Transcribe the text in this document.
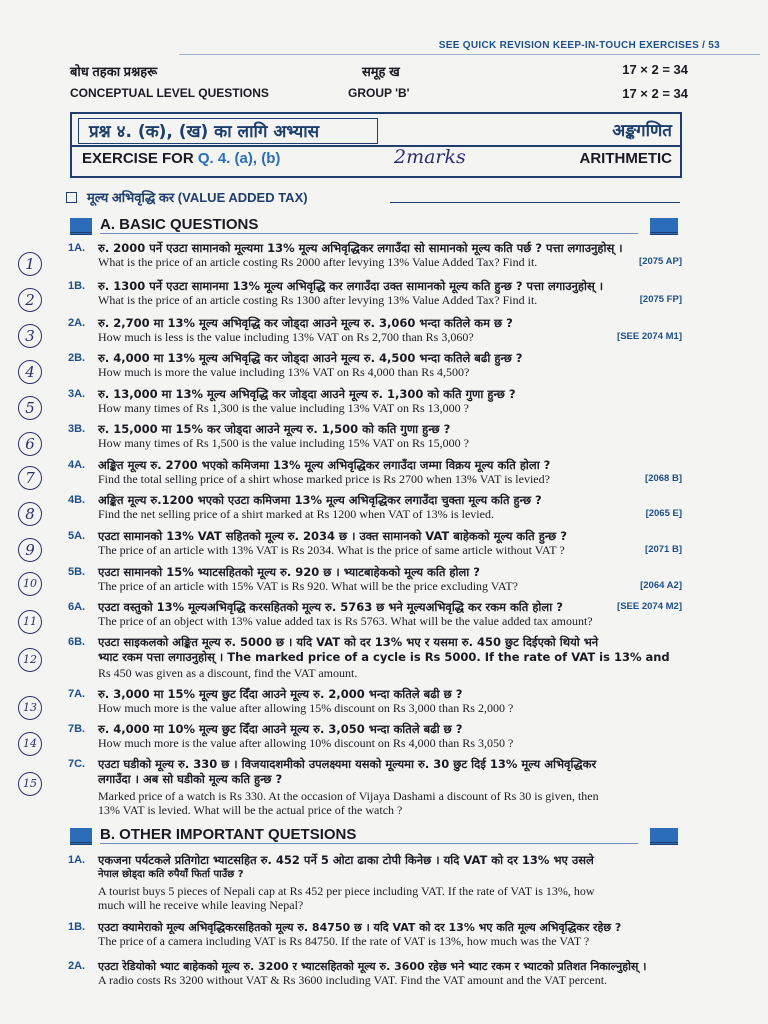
SEE QUICK REVISION KEEP-IN-TOUCH EXERCISES / 53
बोध तहका प्रश्नहरू	समूह ख	17 × 2 = 34
CONCEPTUAL LEVEL QUESTIONS	GROUP 'B'	17 × 2 = 34
प्रश्न ४. (क), (ख) का लागि अभ्यास	अङ्कगणित
EXERCISE FOR Q. 4. (a), (b)	2marks	ARITHMETIC
मूल्य अभिवृद्धि कर (VALUE ADDED TAX)
A. BASIC QUESTIONS
1A. रु. 2000 पर्ने एउटा सामानको मूल्यमा 13% मूल्य अभिवृद्धिकर लगाउँदा सो सामानको मूल्य कति पर्छ ? पत्ता लगाउनुहोस् ।
What is the price of an article costing Rs 2000 after levying 13% Value Added Tax? Find it.	[2075 AP]
1B. रु. 1300 पर्ने एउटा सामानमा 13% मूल्य अभिवृद्धि कर लगाउँदा उक्त सामानको मूल्य कति हुन्छ ? पत्ता लगाउनुहोस् ।
What is the price of an article costing Rs 1300 after levying 13% Value Added Tax? Find it.	[2075 FP]
2A. रु. 2,700 मा 13% मूल्य अभिवृद्धि कर जोड्दा आउने मूल्य रु. 3,060 भन्दा कतिले कम छ ?
How much is less is the value including 13% VAT on Rs 2,700 than Rs 3,060?	[SEE 2074 M1]
2B. रु. 4,000 मा 13% मूल्य अभिवृद्धि कर जोड्दा आउने मूल्य रु. 4,500 भन्दा कतिले बढी हुन्छ ?
How much is more the value including 13% VAT on Rs 4,000 than Rs 4,500?
3A. रु. 13,000 मा 13% मूल्य अभिवृद्धि कर जोड्दा आउने मूल्य रु. 1,300 को कति गुणा हुन्छ ?
How many times of Rs 1,300 is the value including 13% VAT on Rs 13,000 ?
3B. रु. 15,000 मा 15% कर जोड्दा आउने मूल्य रु. 1,500 को कति गुणा हुन्छ ?
How many times of Rs 1,500 is the value including 15% VAT on Rs 15,000 ?
4A. अङ्कित मूल्य रु. 2700 भएको कमिजमा 13% मूल्य अभिवृद्धिकर लगाउँदा जम्मा विक्रय मूल्य कति होला ?
Find the total selling price of a shirt whose marked price is Rs 2700 when 13% VAT is levied?	[2068 B]
4B. अङ्कित मूल्य रु.1200 भएको एउटा कमिजमा 13% मूल्य अभिवृद्धिकर लगाउँदा चुक्ता मूल्य कति हुन्छ ?
Find the net selling price of a shirt marked at Rs 1200 when VAT of 13% is levied.	[2065 E]
5A. एउटा सामानको 13% VAT सहितको मूल्य रु. 2034 छ । उक्त सामानको VAT बाहेकको मूल्य कति हुन्छ ?
The price of an article with 13% VAT is Rs 2034. What is the price of same article without VAT ?	[2071 B]
5B. एउटा सामानको 15% भ्याटसहितको मूल्य रु. 920 छ । भ्याटबाहेकको मूल्य कति होला ?
The price of an article with 15% VAT is Rs 920. What will be the price excluding VAT?	[2064 A2]
6A. एउटा वस्तुको 13% मूल्यअभिवृद्धि करसहितको मूल्य रु. 5763 छ भने मूल्यअभिवृद्धि कर रकम कति होला ?
The price of an object with 13% value added tax is Rs 5763. What will be the value added tax amount?
[SEE 2074 M2]
6B. एउटा साइकलको अङ्कित मूल्य रु. 5000 छ । यदि VAT को दर 13% भए र यसमा रु. 450 छुट दिईएको थियो भने
भ्याट रकम पत्ता लगाउनुहोस् । The marked price of a cycle is Rs 5000. If the rate of VAT is 13% and
Rs 450 was given as a discount, find the VAT amount.
7A. रु. 3,000 मा 15% मूल्य छुट दिँदा आउने मूल्य रु. 2,000 भन्दा कतिले बढी छ ?
How much more is the value after allowing 15% discount on Rs 3,000 than Rs 2,000 ?
7B. रु. 4,000 मा 10% मूल्य छुट दिँदा आउने मूल्य रु. 3,050 भन्दा कतिले बढी छ ?
How much more is the value after allowing 10% discount on Rs 4,000 than Rs 3,050 ?
7C. एउटा घडीको मूल्य रु. 330 छ । विजयादशमीको उपलक्ष्यमा यसको मूल्यमा रु. 30 छुट दिई 13% मूल्य अभिवृद्धिकर
लगाउँदा । अब सो घडीको मूल्य कति हुन्छ ?
Marked price of a watch is Rs 330. At the occasion of Vijaya Dashami a discount of Rs 30 is given, then
13% VAT is levied. What will be the actual price of the watch ?
B. OTHER IMPORTANT QUETSIONS
1A. एकजना पर्यटकले प्रतिगोटा भ्याटसहित रु. 452 पर्ने 5 ओटा ढाका टोपी किनेछ । यदि VAT को दर 13% भए उसले
नेपाल छोड्दा कति रुपैयाँ फिर्ता पाउँछ ?
A tourist buys 5 pieces of Nepali cap at Rs 452 per piece including VAT. If the rate of VAT is 13%, how
much will he receive while leaving Nepal?
1B. एउटा क्यामेराको मूल्य अभिवृद्धिकरसहितको मूल्य रु. 84750 छ । यदि VAT को दर 13% भए कति मूल्य अभिवृद्धिकर रहेछ ?
The price of a camera including VAT is Rs 84750. If the rate of VAT is 13%, how much was the VAT ?
2A. एउटा रेडियोको भ्याट बाहेकको मूल्य रु. 3200 र भ्याटसहितको मूल्य रु. 3600 रहेछ भने भ्याट रकम र भ्याटको प्रतिशत निकाल्नुहोस् ।
A radio costs Rs 3200 without VAT & Rs 3600 including VAT. Find the VAT amount and the VAT percent.
1
2
3
4
5
6
7
8
9
10
11
12
13
14
15
